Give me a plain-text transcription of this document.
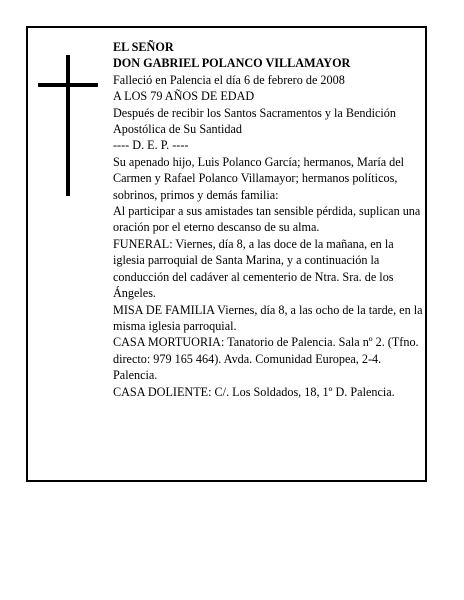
EL SEÑOR

DON GABRIEL POLANCO VILLAMAYOR

Falleció en Palencia el día 6 de febrero de 2008

A LOS 79 AÑOS DE EDAD

Después de recibir los Santos Sacramentos y la Bendición Apostólica de Su Santidad

---- D. E. P. ----

Su apenado hijo, Luis Polanco García; hermanos, María del Carmen y Rafael Polanco Villamayor; hermanos políticos, sobrinos, primos y demás familia:

Al participar a sus amistades tan sensible pérdida, suplican una oración por el eterno descanso de su alma.

FUNERAL: Viernes, día 8, a las doce de la mañana, en la iglesia parroquial de Santa Marina, y a continuación la conducción del cadáver al cementerio de Ntra. Sra. de los Ángeles.

MISA DE FAMILIA Viernes, día 8, a las ocho de la tarde, en la misma iglesia parroquial.

CASA MORTUORIA: Tanatorio de Palencia. Sala nº 2. (Tfno. directo: 979 165 464). Avda. Comunidad Europea, 2-4. Palencia.

CASA DOLIENTE: C/. Los Soldados, 18, 1º D. Palencia.
